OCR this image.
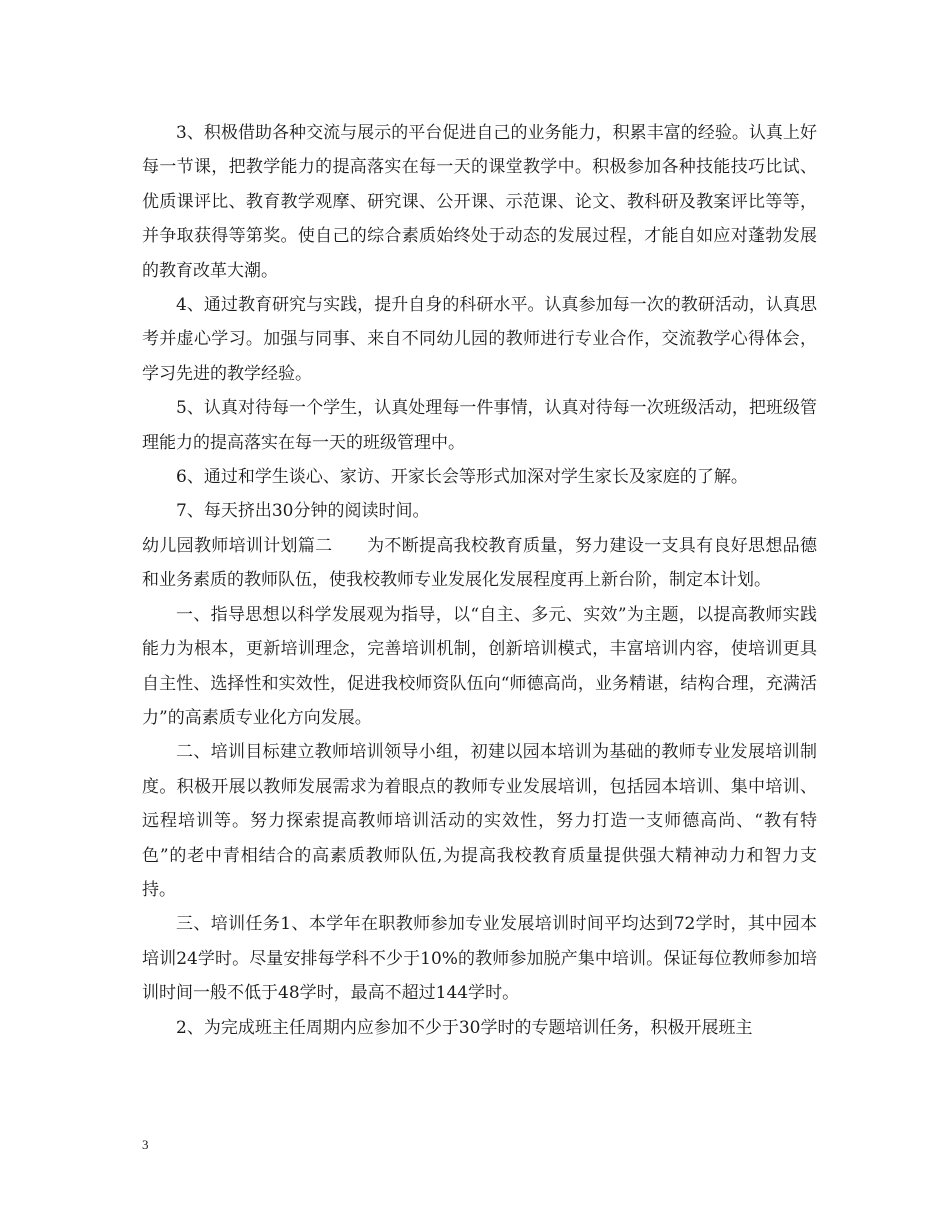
3、积极借助各种交流与展示的平台促进自己的业务能力，积累丰富的经验。认真上好每一节课，把教学能力的提高落实在每一天的课堂教学中。积极参加各种技能技巧比试、优质课评比、教育教学观摩、研究课、公开课、示范课、论文、教科研及教案评比等等，并争取获得等第奖。使自己的综合素质始终处于动态的发展过程，才能自如应对蓬勃发展的教育改革大潮。

4、通过教育研究与实践，提升自身的科研水平。认真参加每一次的教研活动，认真思考并虚心学习。加强与同事、来自不同幼儿园的教师进行专业合作，交流教学心得体会，学习先进的教学经验。

5、认真对待每一个学生，认真处理每一件事情，认真对待每一次班级活动，把班级管理能力的提高落实在每一天的班级管理中。

6、通过和学生谈心、家访、开家长会等形式加深对学生家长及家庭的了解。

7、每天挤出30分钟的阅读时间。

幼儿园教师培训计划篇二　　为不断提高我校教育质量，努力建设一支具有良好思想品德和业务素质的教师队伍，使我校教师专业发展化发展程度再上新台阶，制定本计划。

一、指导思想以科学发展观为指导，以“自主、多元、实效”为主题，以提高教师实践能力为根本，更新培训理念，完善培训机制，创新培训模式，丰富培训内容，使培训更具自主性、选择性和实效性，促进我校师资队伍向“师德高尚，业务精谌，结构合理，充满活力”的高素质专业化方向发展。

二、培训目标建立教师培训领导小组，初建以园本培训为基础的教师专业发展培训制度。积极开展以教师发展需求为着眼点的教师专业发展培训，包括园本培训、集中培训、远程培训等。努力探索提高教师培训活动的实效性，努力打造一支师德高尚、“教有特色”的老中青相结合的高素质教师队伍,为提高我校教育质量提供强大精神动力和智力支持。

三、培训任务1、本学年在职教师参加专业发展培训时间平均达到72学时，其中园本培训24学时。尽量安排每学科不少于10%的教师参加脱产集中培训。保证每位教师参加培训时间一般不低于48学时，最高不超过144学时。

2、为完成班主任周期内应参加不少于30学时的专题培训任务，积极开展班主

3
